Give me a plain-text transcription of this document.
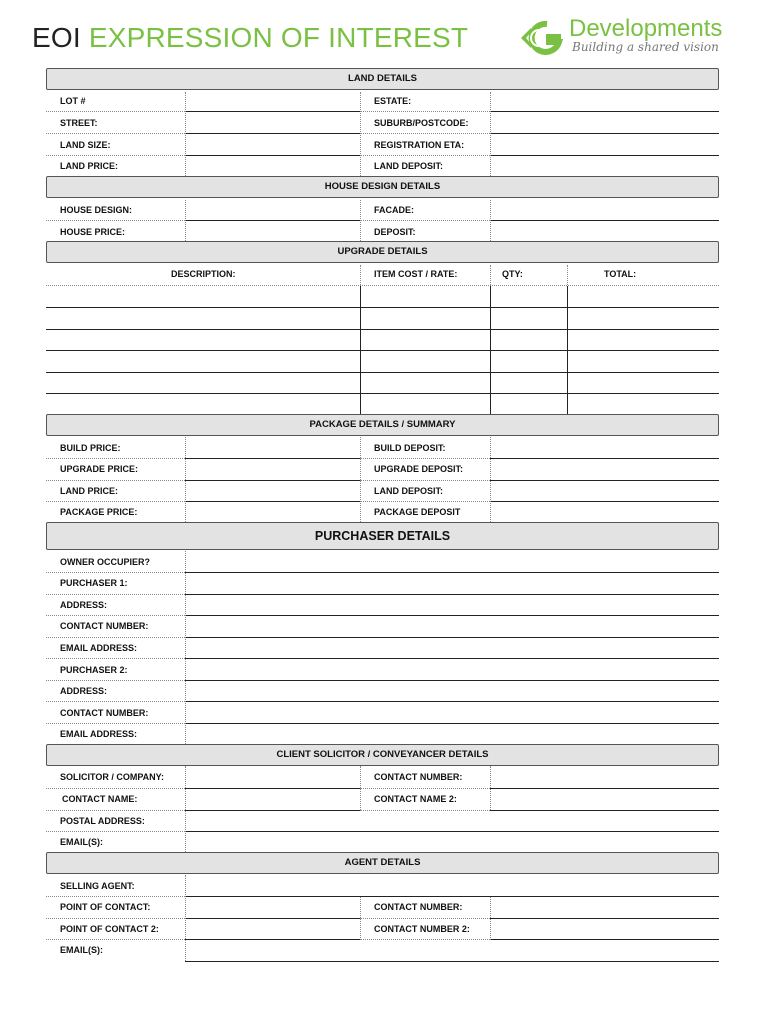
EOI EXPRESSION OF INTEREST	Developments
Building a shared vision
LAND DETAILS
HOUSE DESIGN DETAILS
UPGRADE DETAILS
PACKAGE DETAILS / SUMMARY
PURCHASER DETAILS
CLIENT SOLICITOR / CONVEYANCER DETAILS
AGENT DETAILS
LOT #	ESTATE:
STREET:	SUBURB/POSTCODE:
LAND SIZE:	REGISTRATION ETA:
LAND PRICE:	LAND DEPOSIT:
HOUSE DESIGN:	FACADE:
HOUSE PRICE:	DEPOSIT:
DESCRIPTION:	ITEM COST / RATE:	QTY:	TOTAL:
BUILD PRICE:	BUILD DEPOSIT:
UPGRADE PRICE:	UPGRADE DEPOSIT:
LAND PRICE:	LAND DEPOSIT:
PACKAGE PRICE:	PACKAGE DEPOSIT
OWNER OCCUPIER?
PURCHASER 1:
ADDRESS:
CONTACT NUMBER:
EMAIL ADDRESS:
PURCHASER 2:
ADDRESS:
CONTACT NUMBER:
EMAIL ADDRESS:
SOLICITOR / COMPANY:	CONTACT NUMBER:
CONTACT NAME:	CONTACT NAME 2:
POSTAL ADDRESS:
EMAIL(S):
SELLING AGENT:
POINT OF CONTACT:	CONTACT NUMBER:
POINT OF CONTACT 2:	CONTACT NUMBER 2:
EMAIL(S):
